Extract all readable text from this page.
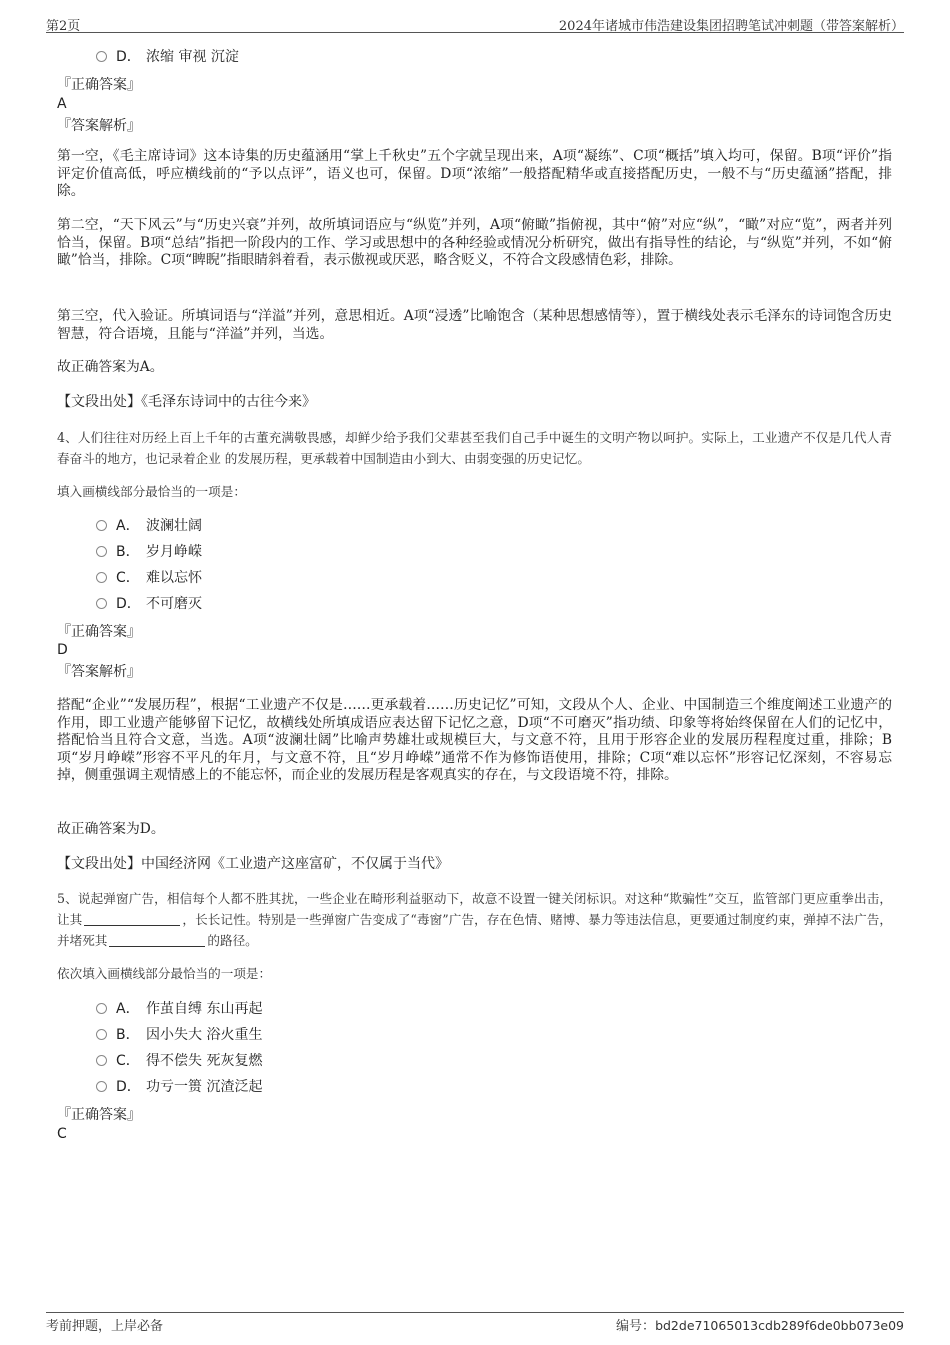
第2页	2024年诸城市伟浩建设集团招聘笔试冲刺题（带答案解析）
D． 浓缩 审视 沉淀
『正确答案』
A
『答案解析』
第一空，《毛主席诗词》这本诗集的历史蕴涵用“掌上千秋史”五个字就呈现出来，A项“凝练”、C项“概括”填入均可，保留。B项“评价”指评定价值高低，呼应横线前的“予以点评”，语义也可，保留。D项“浓缩”一般搭配精华或直接搭配历史，一般不与“历史蕴涵”搭配，排除。
第二空，“天下风云”与“历史兴衰”并列，故所填词语应与“纵览”并列，A项“俯瞰”指俯视，其中“俯”对应“纵”，“瞰”对应“览”，两者并列恰当，保留。B项“总结”指把一阶段内的工作、学习或思想中的各种经验或情况分析研究，做出有指导性的结论，与“纵览”并列，不如“俯瞰”恰当，排除。C项“睥睨”指眼睛斜着看，表示傲视或厌恶，略含贬义，不符合文段感情色彩，排除。
第三空，代入验证。所填词语与“洋溢”并列，意思相近。A项“浸透”比喻饱含（某种思想感情等），置于横线处表示毛泽东的诗词饱含历史智慧，符合语境，且能与“洋溢”并列，当选。
故正确答案为A。
【文段出处】《毛泽东诗词中的古往今来》
4、人们往往对历经上百上千年的古董充满敬畏感，却鲜少给予我们父辈甚至我们自己手中诞生的文明产物以呵护。实际上，工业遗产不仅是几代人青春奋斗的地方，也记录着企业 的发展历程，更承载着中国制造由小到大、由弱变强的历史记忆。
填入画横线部分最恰当的一项是：
A． 波澜壮阔
B． 岁月峥嵘
C． 难以忘怀
D． 不可磨灭
『正确答案』
D
『答案解析』
搭配“企业”“发展历程”，根据“工业遗产不仅是……更承载着……历史记忆”可知，文段从个人、企业、中国制造三个维度阐述工业遗产的作用，即工业遗产能够留下记忆，故横线处所填成语应表达留下记忆之意，D项“不可磨灭”指功绩、印象等将始终保留在人们的记忆中，搭配恰当且符合文意，当选。A项“波澜壮阔”比喻声势雄壮或规模巨大，与文意不符，且用于形容企业的发展历程程度过重，排除；B项“岁月峥嵘”形容不平凡的年月，与文意不符，且“岁月峥嵘”通常不作为修饰语使用，排除；C项“难以忘怀”形容记忆深刻，不容易忘掉，侧重强调主观情感上的不能忘怀，而企业的发展历程是客观真实的存在，与文段语境不符，排除。
故正确答案为D。
【文段出处】中国经济网《工业遗产这座富矿，不仅属于当代》
5、说起弹窗广告，相信每个人都不胜其扰，一些企业在畸形利益驱动下，故意不设置一键关闭标识。对这种“欺骗性”交互，监管部门更应重拳出击，让其	，长长记性。特别是一些弹窗广告变成了“毒窗”广告，存在色情、赌博、暴力等违法信息，更要通过制度约束，弹掉不法广告，并堵死其	的路径。
依次填入画横线部分最恰当的一项是：
A． 作茧自缚 东山再起
B． 因小失大 浴火重生
C． 得不偿失 死灰复燃
D． 功亏一篑 沉渣泛起
『正确答案』
C
考前押题，上岸必备	编号：bd2de71065013cdb289f6de0bb073e09
